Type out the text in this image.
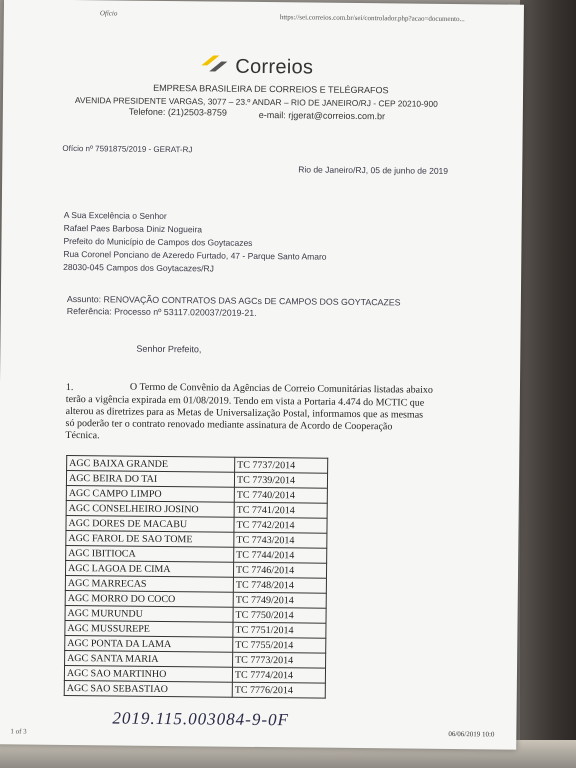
Ofício	https://sei.correios.com.br/sei/controlador.php?acao=documento...
Correios
EMPRESA BRASILEIRA DE CORREIOS E TELÉGRAFOS
AVENIDA PRESIDENTE VARGAS, 3077 – 23.º ANDAR – RIO DE JANEIRO/RJ - CEP 20210-900
Telefone: (21)2503-8759	e-mail: rjgerat@correios.com.br
Ofício nº 7591875/2019 - GERAT-RJ
Rio de Janeiro/RJ, 05 de junho de 2019
A Sua Excelência o Senhor
Rafael Paes Barbosa Diniz Nogueira
Prefeito do Município de Campos dos Goytacazes
Rua Coronel Ponciano de Azeredo Furtado, 47 - Parque Santo Amaro
28030-045 Campos dos Goytacazes/RJ
Assunto: RENOVAÇÃO CONTRATOS DAS AGCs DE CAMPOS DOS GOYTACAZES
Referência: Processo nº 53117.020037/2019-21.
Senhor Prefeito,
1.	O Termo de Convênio da Agências de Correio Comunitárias listadas abaixo
terão a vigência expirada em 01/08/2019. Tendo em vista a Portaria 4.474 do MCTIC que
alterou as diretrizes para as Metas de Universalização Postal, informamos que as mesmas
só poderão ter o contrato renovado mediante assinatura de Acordo de Cooperação
Técnica.
AGC BAIXA GRANDE	TC 7737/2014
AGC BEIRA DO TAI	TC 7739/2014
AGC CAMPO LIMPO	TC 7740/2014
AGC CONSELHEIRO JOSINO	TC 7741/2014
AGC DORES DE MACABU	TC 7742/2014
AGC FAROL DE SAO TOME	TC 7743/2014
AGC IBITIOCA	TC 7744/2014
AGC LAGOA DE CIMA	TC 7746/2014
AGC MARRECAS	TC 7748/2014
AGC MORRO DO COCO	TC 7749/2014
AGC MURUNDU	TC 7750/2014
AGC MUSSUREPE	TC 7751/2014
AGC PONTA DA LAMA	TC 7755/2014
AGC SANTA MARIA	TC 7773/2014
AGC SAO MARTINHO	TC 7774/2014
AGC SAO SEBASTIAO	TC 7776/2014
2019.115.003084-9-0F
1 of 3	06/06/2019 10:0
